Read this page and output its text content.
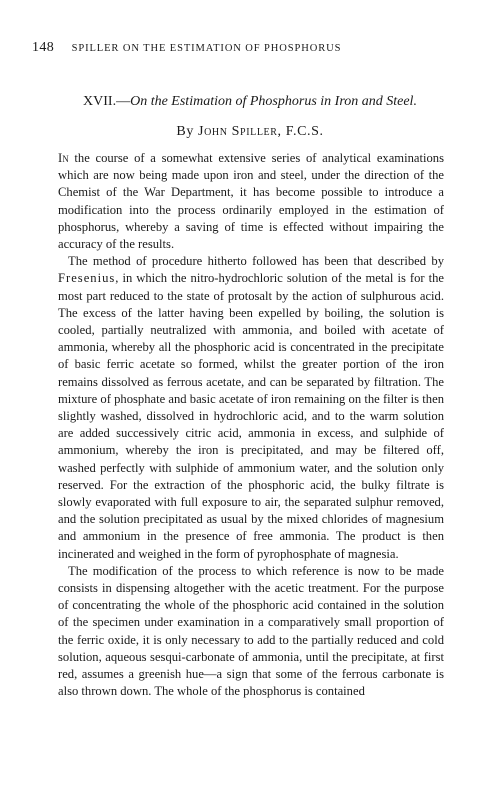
148 SPILLER ON THE ESTIMATION OF PHOSPHORUS
XVII.—On the Estimation of Phosphorus in Iron and Steel.
By John Spiller, F.C.S.

In the course of a somewhat extensive series of analytical examinations which are now being made upon iron and steel, under the direction of the Chemist of the War Department, it has become possible to introduce a modification into the process ordinarily employed in the estimation of phosphorus, whereby a saving of time is effected without impairing the accuracy of the results.

The method of procedure hitherto followed has been that described by Fresenius, in which the nitro-hydrochloric solution of the metal is for the most part reduced to the state of protosalt by the action of sulphurous acid. The excess of the latter having been expelled by boiling, the solution is cooled, partially neutralized with ammonia, and boiled with acetate of ammonia, whereby all the phosphoric acid is concentrated in the precipitate of basic ferric acetate so formed, whilst the greater portion of the iron remains dissolved as ferrous acetate, and can be separated by filtration. The mixture of phosphate and basic acetate of iron remaining on the filter is then slightly washed, dissolved in hydrochloric acid, and to the warm solution are added successively citric acid, ammonia in excess, and sulphide of ammonium, whereby the iron is precipitated, and may be filtered off, washed perfectly with sulphide of ammonium water, and the solution only reserved. For the extraction of the phosphoric acid, the bulky filtrate is slowly evaporated with full exposure to air, the separated sulphur removed, and the solution precipitated as usual by the mixed chlorides of magnesium and ammonium in the presence of free ammonia. The product is then incinerated and weighed in the form of pyrophosphate of magnesia.

The modification of the process to which reference is now to be made consists in dispensing altogether with the acetic treatment. For the purpose of concentrating the whole of the phosphoric acid contained in the solution of the specimen under examination in a comparatively small proportion of the ferric oxide, it is only necessary to add to the partially reduced and cold solution, aqueous sesqui-carbonate of ammonia, until the precipitate, at first red, assumes a greenish hue—a sign that some of the ferrous carbonate is also thrown down. The whole of the phosphorus is contained
